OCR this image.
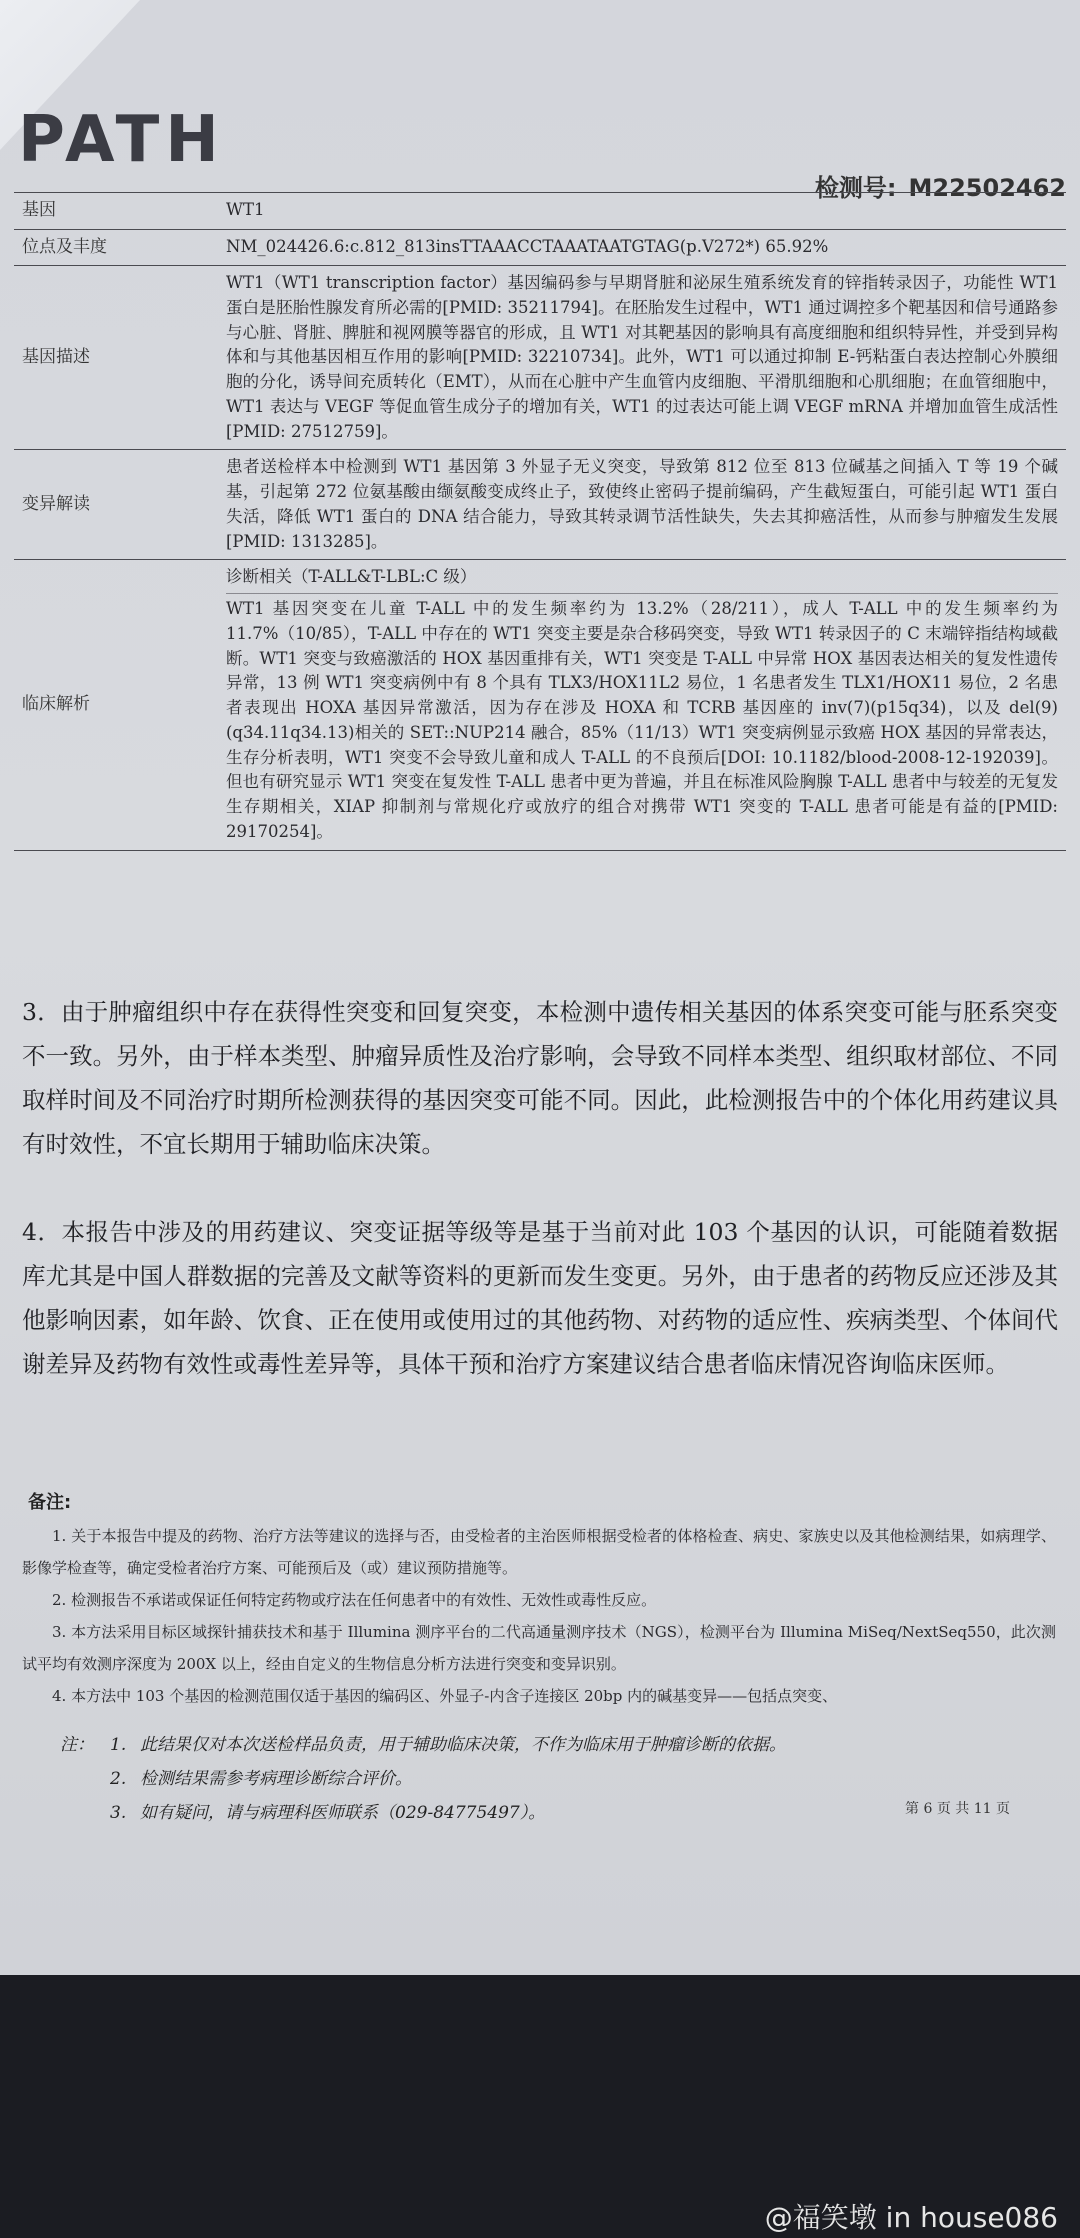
PATH
检测号: M22502462
基因	WT1
位点及丰度	NM_024426.6:c.812_813insTTAAACCTAAATAATGTAG(p.V272*) 65.92%
基因描述	WT1（WT1 transcription factor）基因编码参与早期肾脏和泌尿生殖系统发育的锌指转录因子，功能性 WT1 蛋白是胚胎性腺发育所必需的[PMID: 35211794]。在胚胎发生过程中，WT1 通过调控多个靶基因和信号通路参与心脏、肾脏、脾脏和视网膜等器官的形成，且 WT1 对其靶基因的影响具有高度细胞和组织特异性，并受到异构体和与其他基因相互作用的影响[PMID: 32210734]。此外，WT1 可以通过抑制 E-钙粘蛋白表达控制心外膜细胞的分化，诱导间充质转化（EMT），从而在心脏中产生血管内皮细胞、平滑肌细胞和心肌细胞；在血管细胞中，WT1 表达与 VEGF 等促血管生成分子的增加有关，WT1 的过表达可能上调 VEGF mRNA 并增加血管生成活性[PMID: 27512759]。
变异解读	患者送检样本中检测到 WT1 基因第 3 外显子无义突变，导致第 812 位至 813 位碱基之间插入 T 等 19 个碱基，引起第 272 位氨基酸由缬氨酸变成终止子，致使终止密码子提前编码，产生截短蛋白，可能引起 WT1 蛋白失活，降低 WT1 蛋白的 DNA 结合能力，导致其转录调节活性缺失，失去其抑癌活性，从而参与肿瘤发生发展[PMID: 1313285]。
临床解析	诊断相关（T-ALL&T-LBL:C 级）
WT1 基因突变在儿童 T-ALL 中的发生频率约为 13.2%（28/211），成人 T-ALL 中的发生频率约为 11.7%（10/85），T-ALL 中存在的 WT1 突变主要是杂合移码突变，导致 WT1 转录因子的 C 末端锌指结构域截断。WT1 突变与致癌激活的 HOX 基因重排有关，WT1 突变是 T-ALL 中异常 HOX 基因表达相关的复发性遗传异常，13 例 WT1 突变病例中有 8 个具有 TLX3/HOX11L2 易位，1 名患者发生 TLX1/HOX11 易位，2 名患者表现出 HOXA 基因异常激活，因为存在涉及 HOXA 和 TCRB 基因座的 inv(7)(p15q34)，以及 del(9)(q34.11q34.13)相关的 SET::NUP214 融合，85%（11/13）WT1 突变病例显示致癌 HOX 基因的异常表达，生存分析表明，WT1 突变不会导致儿童和成人 T-ALL 的不良预后[DOI: 10.1182/blood-2008-12-192039]。但也有研究显示 WT1 突变在复发性 T-ALL 患者中更为普遍，并且在标准风险胸腺 T-ALL 患者中与较差的无复发生存期相关，XIAP 抑制剂与常规化疗或放疗的组合对携带 WT1 突变的 T-ALL 患者可能是有益的[PMID: 29170254]。
3．由于肿瘤组织中存在获得性突变和回复突变，本检测中遗传相关基因的体系突变可能与胚系突变不一致。另外，由于样本类型、肿瘤异质性及治疗影响，会导致不同样本类型、组织取材部位、不同取样时间及不同治疗时期所检测获得的基因突变可能不同。因此，此检测报告中的个体化用药建议具有时效性，不宜长期用于辅助临床决策。
4．本报告中涉及的用药建议、突变证据等级等是基于当前对此 103 个基因的认识，可能随着数据库尤其是中国人群数据的完善及文献等资料的更新而发生变更。另外，由于患者的药物反应还涉及其他影响因素，如年龄、饮食、正在使用或使用过的其他药物、对药物的适应性、疾病类型、个体间代谢差异及药物有效性或毒性差异等，具体干预和治疗方案建议结合患者临床情况咨询临床医师。
备注:
1. 关于本报告中提及的药物、治疗方法等建议的选择与否，由受检者的主治医师根据受检者的体格检查、病史、家族史以及其他检测结果，如病理学、影像学检查等，确定受检者治疗方案、可能预后及（或）建议预防措施等。
2. 检测报告不承诺或保证任何特定药物或疗法在任何患者中的有效性、无效性或毒性反应。
3. 本方法采用目标区域探针捕获技术和基于 Illumina 测序平台的二代高通量测序技术（NGS），检测平台为 Illumina MiSeq/NextSeq550，此次测试平均有效测序深度为 200X 以上，经由自定义的生物信息分析方法进行突变和变异识别。
4. 本方法中 103 个基因的检测范围仅适于基因的编码区、外显子-内含子连接区 20bp 内的碱基变异——包括点突变、
注： 1. 此结果仅对本次送检样品负责，用于辅助临床决策，不作为临床用于肿瘤诊断的依据。
2. 检测结果需参考病理诊断综合评价。
3. 如有疑问，请与病理科医师联系（029-84775497）。	第 6 页 共 11 页
@福笑墩 in house086
